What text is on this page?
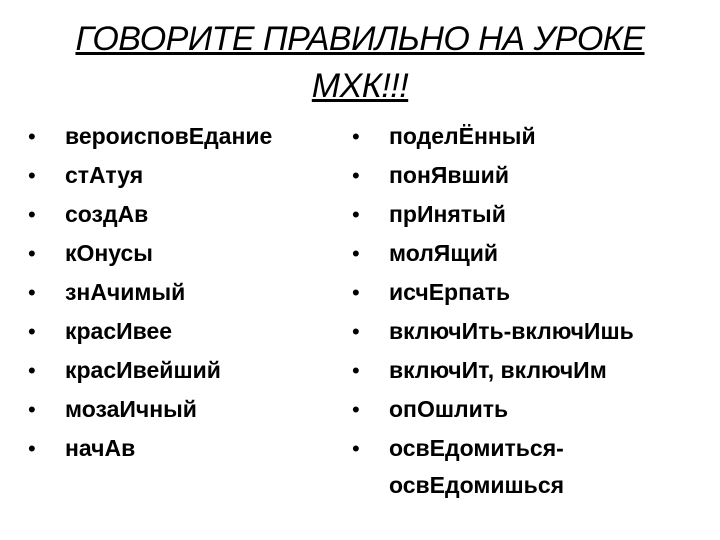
ГОВОРИТЕ ПРАВИЛЬНО НА УРОКЕ
МХК!!!
• вероисповЕдание
• стАтуя
• создАв
• кОнусы
• знАчимый
• красИвее
• красИвейший
• мозаИчный
• начАв
• поделЁнный
• понЯвший
• прИнятый
• молЯщий
• исчЕрпать
• включИть-включИшь
• включИт, включИм
• опОшлить
• освЕдомиться-
освЕдомишься
